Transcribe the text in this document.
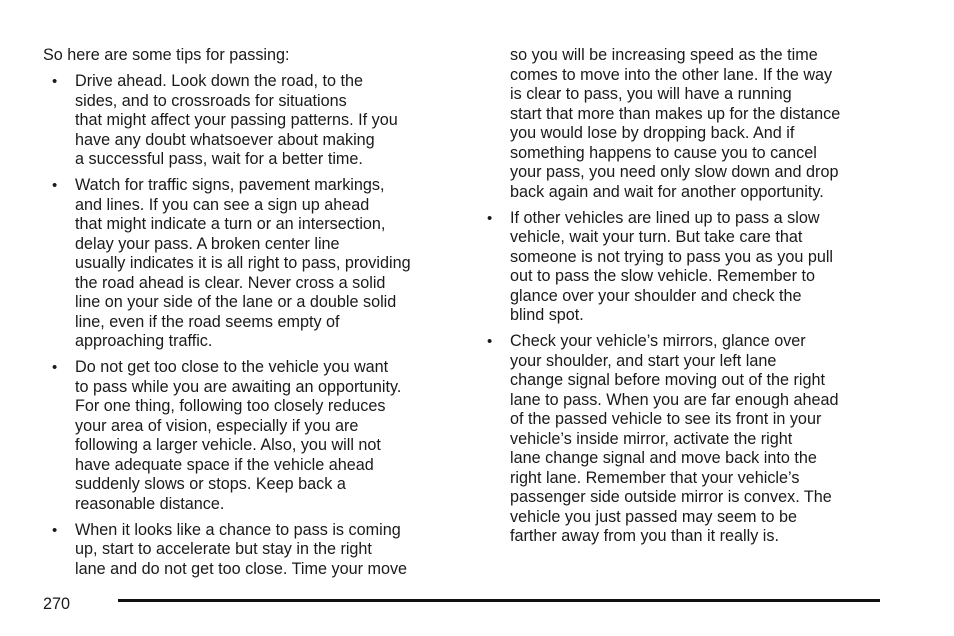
So here are some tips for passing:
• Drive ahead. Look down the road, to the
sides, and to crossroads for situations
that might affect your passing patterns. If you
have any doubt whatsoever about making
a successful pass, wait for a better time.
• Watch for traffic signs, pavement markings,
and lines. If you can see a sign up ahead
that might indicate a turn or an intersection,
delay your pass. A broken center line
usually indicates it is all right to pass, providing
the road ahead is clear. Never cross a solid
line on your side of the lane or a double solid
line, even if the road seems empty of
approaching traffic.
• Do not get too close to the vehicle you want
to pass while you are awaiting an opportunity.
For one thing, following too closely reduces
your area of vision, especially if you are
following a larger vehicle. Also, you will not
have adequate space if the vehicle ahead
suddenly slows or stops. Keep back a
reasonable distance.
• When it looks like a chance to pass is coming
up, start to accelerate but stay in the right
lane and do not get too close. Time your move
so you will be increasing speed as the time
comes to move into the other lane. If the way
is clear to pass, you will have a running
start that more than makes up for the distance
you would lose by dropping back. And if
something happens to cause you to cancel
your pass, you need only slow down and drop
back again and wait for another opportunity.
• If other vehicles are lined up to pass a slow
vehicle, wait your turn. But take care that
someone is not trying to pass you as you pull
out to pass the slow vehicle. Remember to
glance over your shoulder and check the
blind spot.
• Check your vehicle’s mirrors, glance over
your shoulder, and start your left lane
change signal before moving out of the right
lane to pass. When you are far enough ahead
of the passed vehicle to see its front in your
vehicle’s inside mirror, activate the right
lane change signal and move back into the
right lane. Remember that your vehicle’s
passenger side outside mirror is convex. The
vehicle you just passed may seem to be
farther away from you than it really is.
270
